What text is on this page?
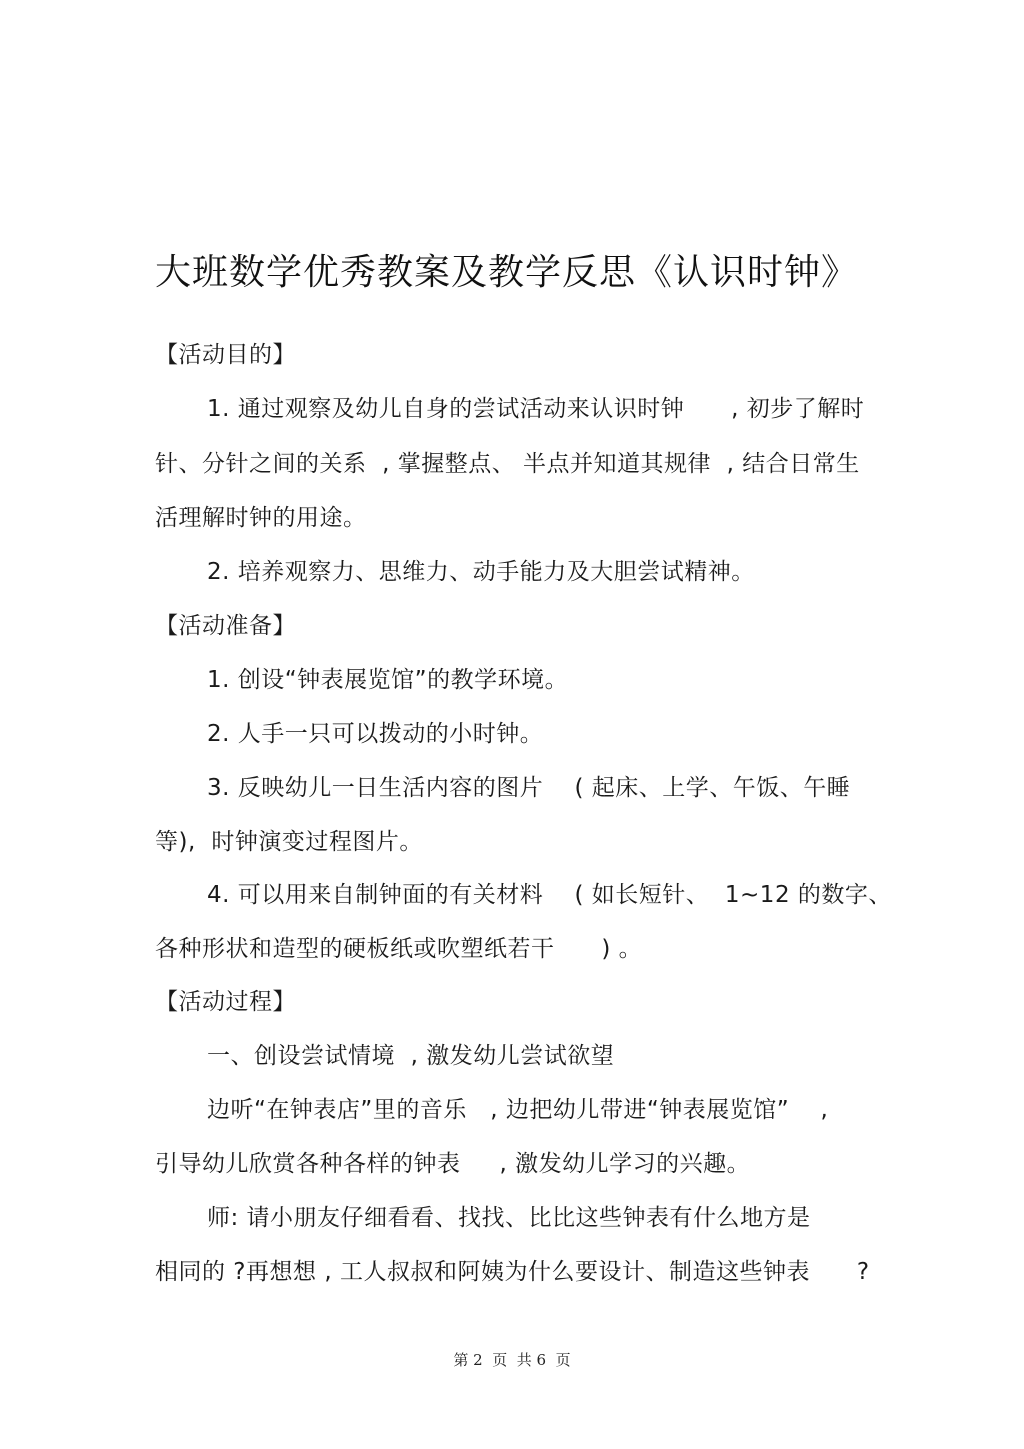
大班数学优秀教案及教学反思《认识时钟》
【活动目的】
1. 通过观察及幼儿自身的尝试活动来认识时钟      , 初步了解时
针、分针之间的关系  , 掌握整点、 半点并知道其规律  , 结合日常生
活理解时钟的用途。
2. 培养观察力、思维力、动手能力及大胆尝试精神。
【活动准备】
1. 创设“钟表展览馆”的教学环境。
2. 人手一只可以拨动的小时钟。
3. 反映幼儿一日生活内容的图片    ( 起床、上学、午饭、午睡
等),  时钟演变过程图片。
4. 可以用来自制钟面的有关材料    ( 如长短针、  1~12 的数字、
各种形状和造型的硬板纸或吹塑纸若干      ) 。
【活动过程】
一、创设尝试情境  , 激发幼儿尝试欲望
边听“在钟表店”里的音乐   , 边把幼儿带进“钟表展览馆”    ,
引导幼儿欣赏各种各样的钟表     , 激发幼儿学习的兴趣。
师: 请小朋友仔细看看、找找、比比这些钟表有什么地方是
相同的 ?再想想 , 工人叔叔和阿姨为什么要设计、制造这些钟表      ?
第 2  页  共 6  页
